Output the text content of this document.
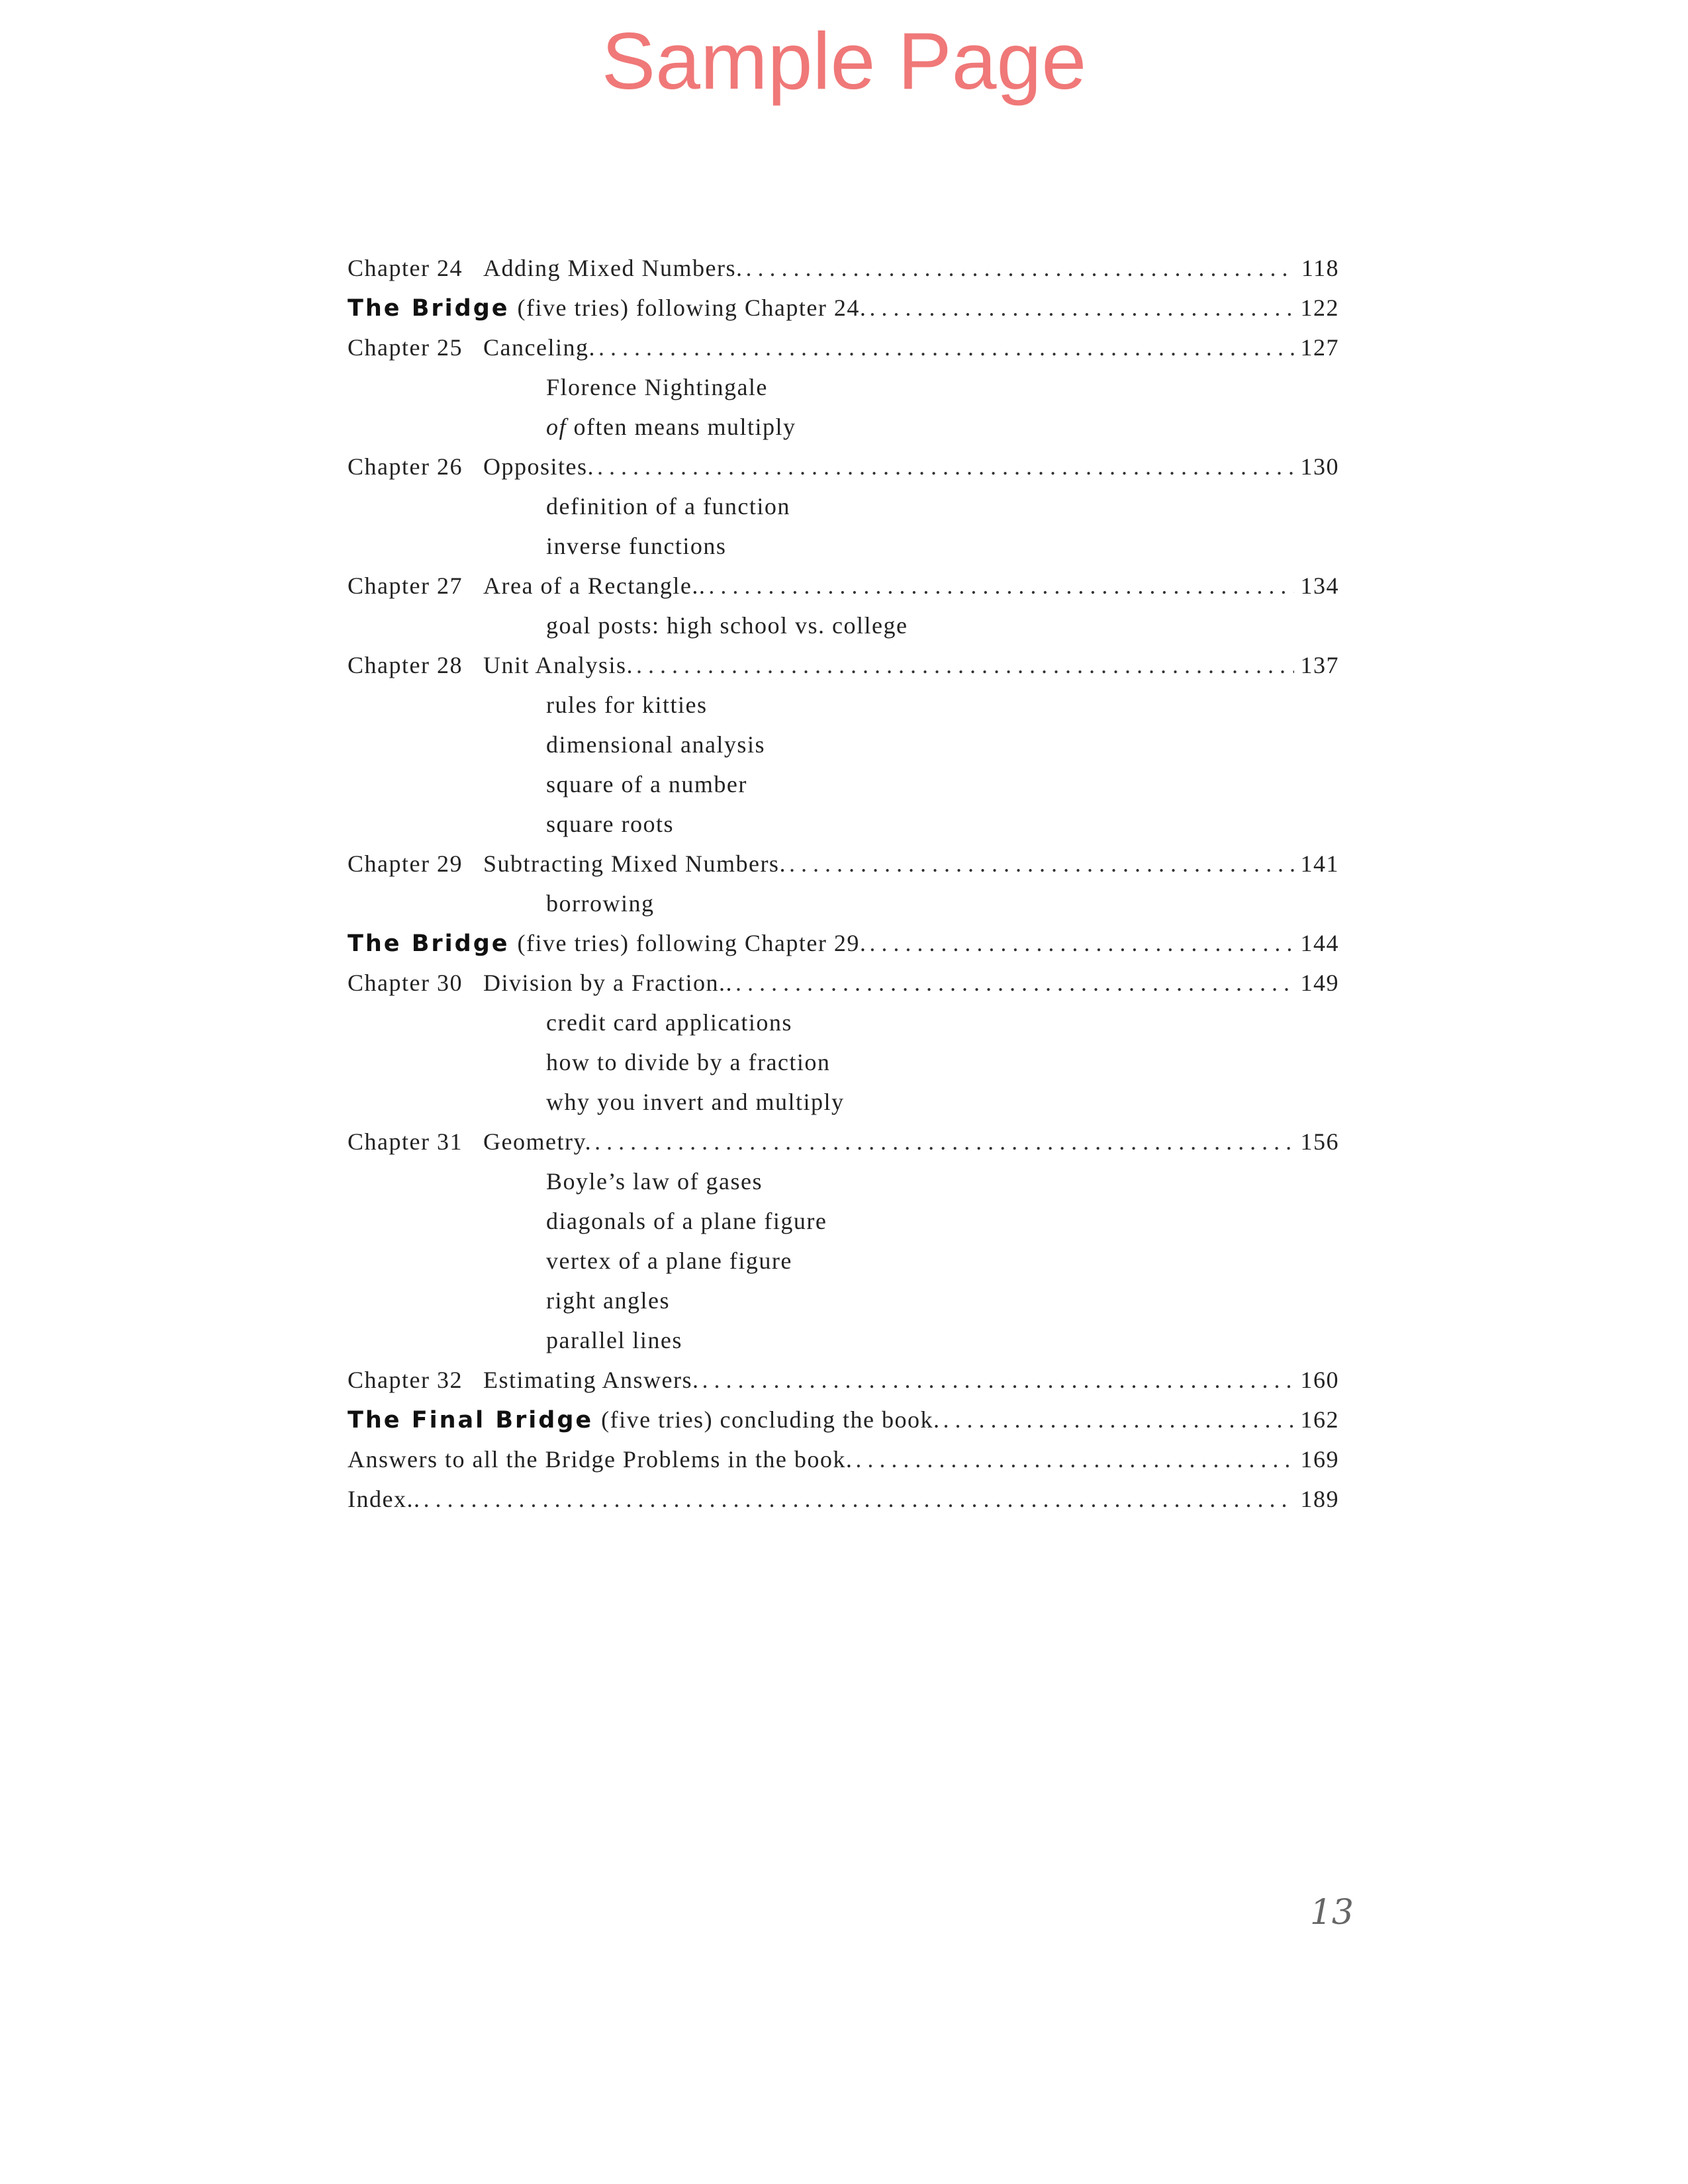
Sample Page
Chapter 24 Adding Mixed Numbers. . . .	118
The Bridge (five tries) following Chapter 24. . . .	122
Chapter 25 Canceling. . . .	127
Florence Nightingale
of often means multiply
Chapter 26 Opposites. . . .	130
definition of a function
inverse functions
Chapter 27 Area of a Rectangle.. . . .	134
goal posts: high school vs. college
Chapter 28 Unit Analysis. . . .	137
rules for kitties
dimensional analysis
square of a number
square roots
Chapter 29 Subtracting Mixed Numbers. . . .	141
borrowing
The Bridge (five tries) following Chapter 29. . . .	144
Chapter 30 Division by a Fraction.. . . .	149
credit card applications
how to divide by a fraction
why you invert and multiply
Chapter 31 Geometry. . . .	156
Boyle’s law of gases
diagonals of a plane figure
vertex of a plane figure
right angles
parallel lines
Chapter 32 Estimating Answers. . . .	160
The Final Bridge (five tries) concluding the book. . . .	162
Answers to all the Bridge Problems in the book. . . .	169
Index.. . . .	189
13
